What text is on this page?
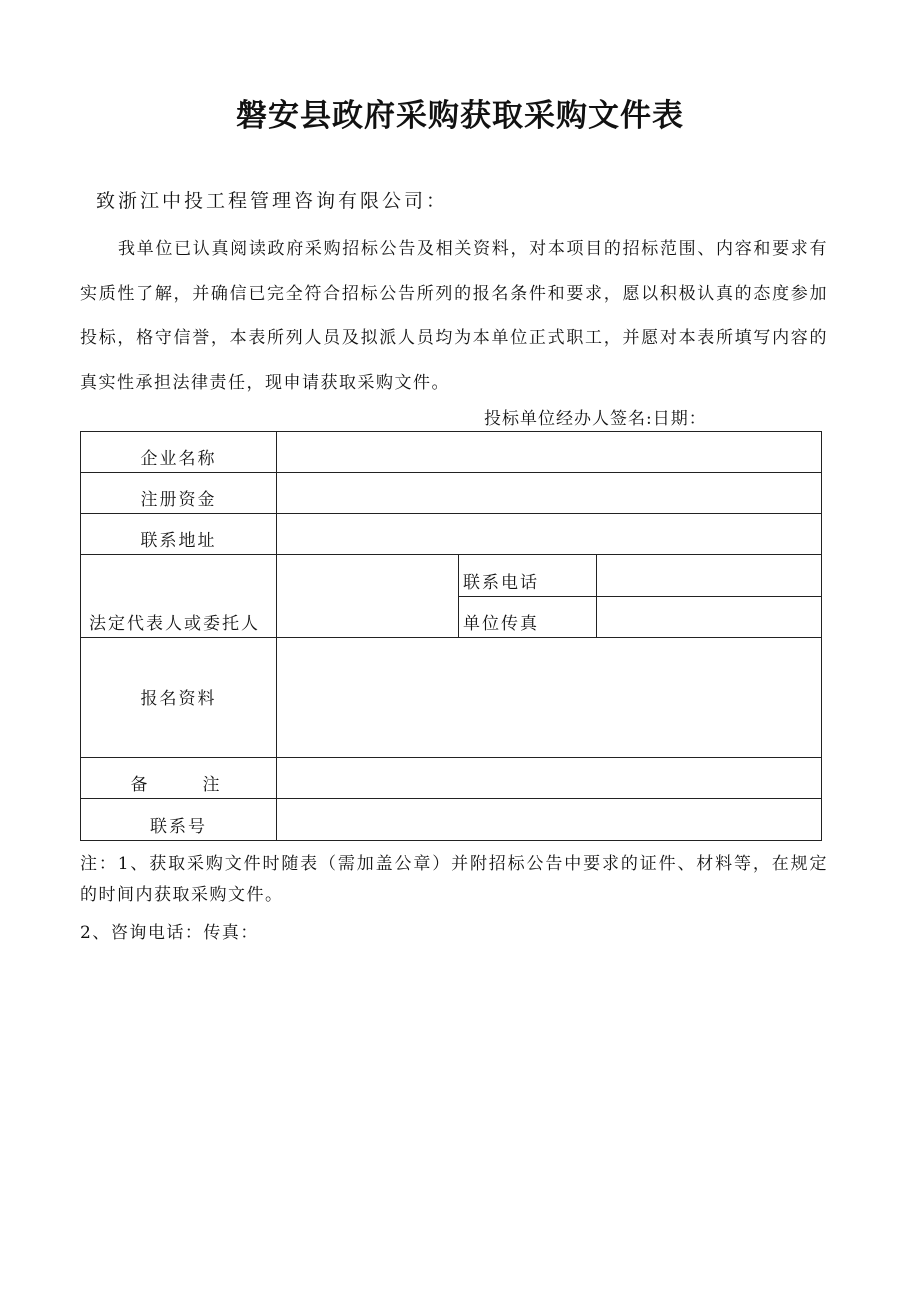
磐安县政府采购获取采购文件表
致浙江中投工程管理咨询有限公司：
我单位已认真阅读政府采购招标公告及相关资料，对本项目的招标范围、内容和要求有实质性了解，并确信已完全符合招标公告所列的报名条件和要求，愿以积极认真的态度参加投标，格守信誉，本表所列人员及拟派人员均为本单位正式职工，并愿对本表所填写内容的真实性承担法律责任，现申请获取采购文件。
投标单位经办人签名:日期：
企业名称			
注册资金			
联系地址			
法定代表人或委托人		联系电话	
		单位传真	
报名资料			
备注			
联系号			
注：1、获取采购文件时随表（需加盖公章）并附招标公告中要求的证件、材料等，在规定的时间内获取采购文件。
2、咨询电话：传真：
